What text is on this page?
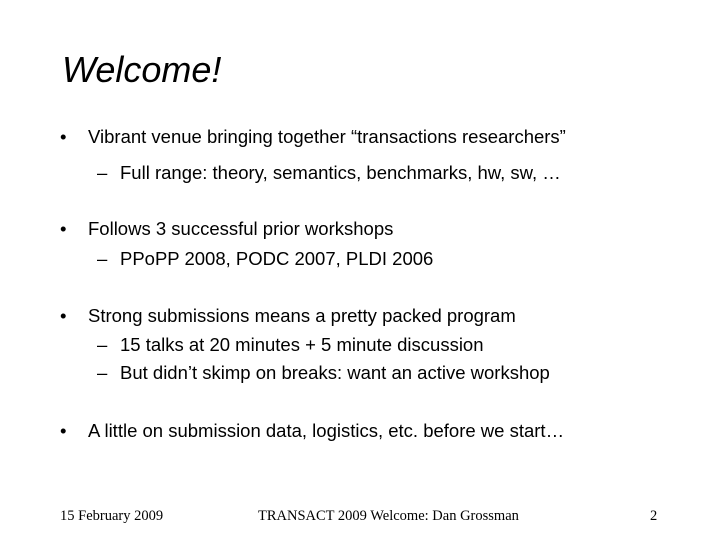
Welcome!
• Vibrant venue bringing together “transactions researchers”
– Full range: theory, semantics, benchmarks, hw, sw, …
• Follows 3 successful prior workshops
– PPoPP 2008, PODC 2007, PLDI 2006
• Strong submissions means a pretty packed program
– 15 talks at 20 minutes + 5 minute discussion
– But didn’t skimp on breaks: want an active workshop
• A little on submission data, logistics, etc. before we start…
15 February 2009	TRANSACT 2009 Welcome: Dan Grossman	2
